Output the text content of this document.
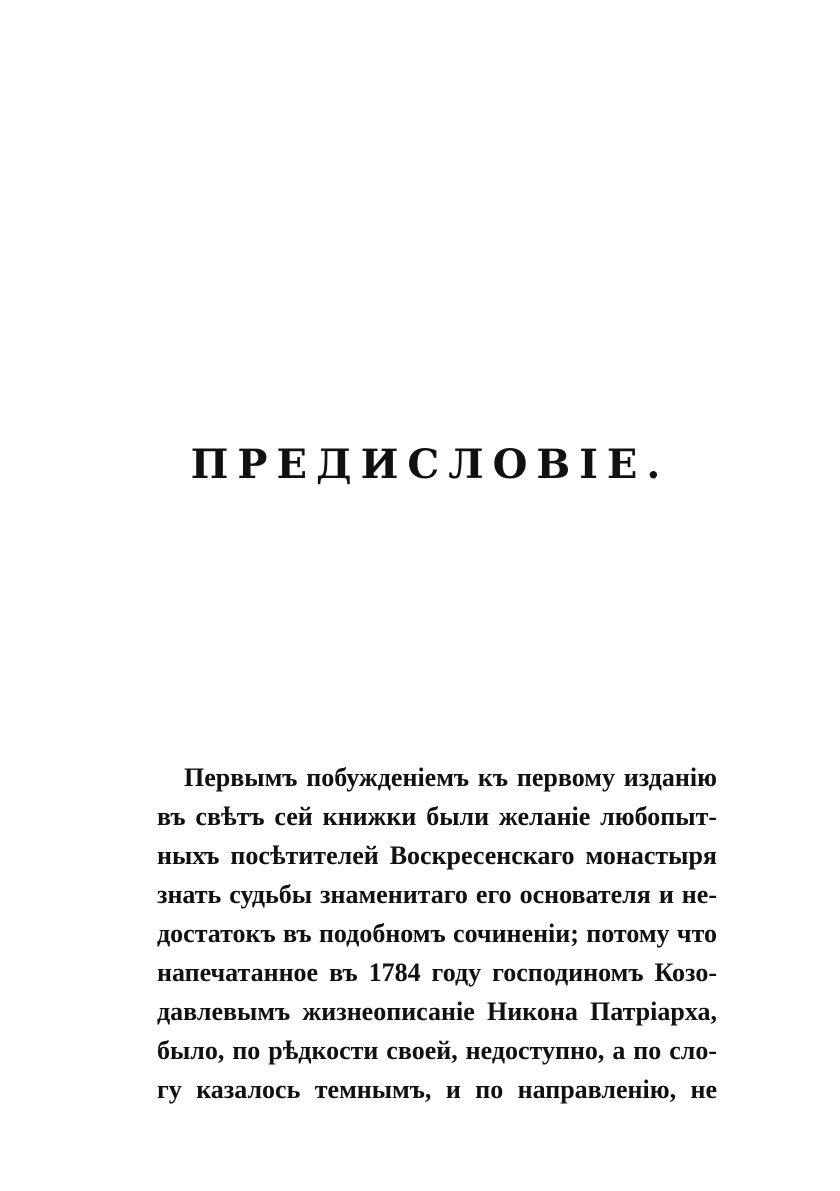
ПРЕДИСЛОВІЕ.
Первымъ побужденіемъ къ первому изданію
въ свѣтъ сей книжки были желаніе любопыт-
ныхъ посѣтителей Воскресенскаго монастыря
знать судьбы знаменитаго его основателя и не-
достатокъ въ подобномъ сочиненіи; потому что
напечатанное въ 1784 году господиномъ Козо-
давлевымъ жизнеописаніе Никона Патріарха,
было, по рѣдкости своей, недоступно, а по сло-
гу казалось темнымъ, и по направленію, не
